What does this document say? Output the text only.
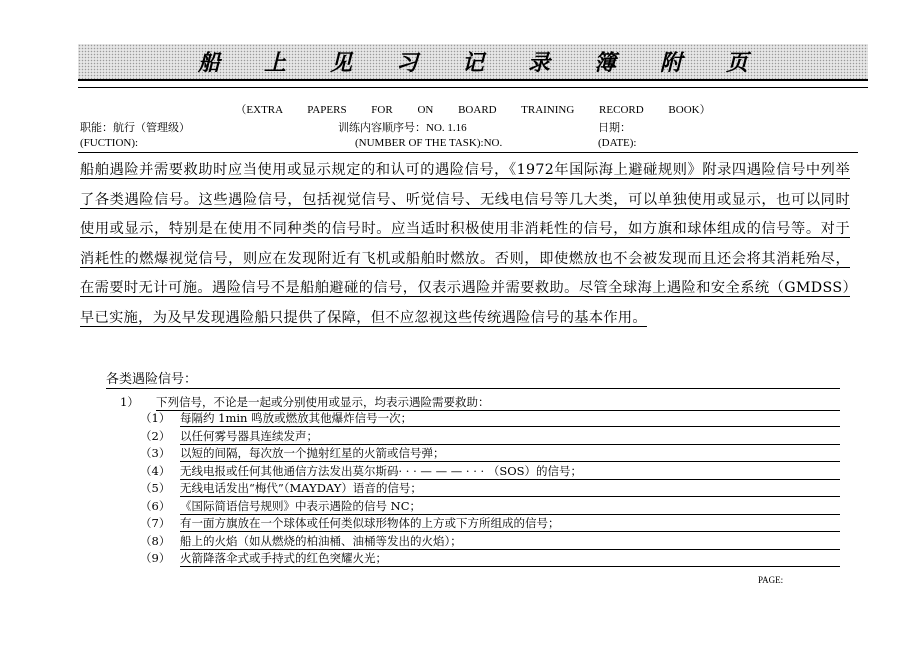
船上见习记录簿附页
（EXTRA PAPERS FOR ON BOARD TRAINING RECORD BOOK）
职能：航行（管理级）	训练内容顺序号：NO. 1.16	日期：
(FUCTION):	(NUMBER OF THE TASK):NO.	(DATE):
船舶遇险并需要救助时应当使用或显示规定的和认可的遇险信号，《1972年国际海上避碰规则》附录四遇险信号中列举了各类遇险信号。这些遇险信号，包括视觉信号、听觉信号、无线电信号等几大类，可以单独使用或显示，也可以同时使用或显示，特别是在使用不同种类的信号时。应当适时积极使用非消耗性的信号，如方旗和球体组成的信号等。对于消耗性的燃爆视觉信号，则应在发现附近有飞机或船舶时燃放。否则，即使燃放也不会被发现而且还会将其消耗殆尽，在需要时无计可施。遇险信号不是船舶避碰的信号，仅表示遇险并需要救助。尽管全球海上遇险和安全系统（GMDSS）早已实施，为及早发现遇险船只提供了保障，但不应忽视这些传统遇险信号的基本作用。
各类遇险信号：
1） 下列信号，不论是一起或分别使用或显示，均表示遇险需要救助：
（1） 每隔约 1min 鸣放或燃放其他爆炸信号一次；
（2） 以任何雾号器具连续发声；
（3） 以短的间隔，每次放一个抛射红星的火箭或信号弹；
（4） 无线电报或任何其他通信方法发出莫尔斯码· · · — — — · · · （SOS）的信号；
（5） 无线电话发出“梅代”（MAYDAY）语音的信号；
（6） 《国际简语信号规则》中表示遇险的信号 NC；
（7） 有一面方旗放在一个球体或任何类似球形物体的上方或下方所组成的信号；
（8） 船上的火焰（如从燃烧的柏油桶、油桶等发出的火焰）；
（9） 火箭降落伞式或手持式的红色突耀火光；
PAGE:
